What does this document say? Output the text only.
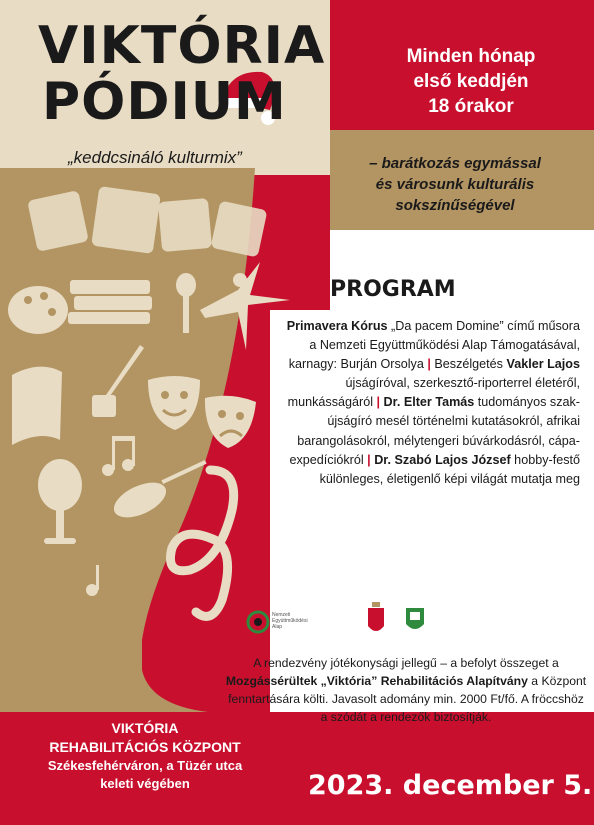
VIKTÓRIA
PÓDIUM
„keddcsináló kulturmix”
Minden hónap
első keddjén
18 órakor
– barátkozás egymással
és városunk kulturális
sokszínűségével
PROGRAM
Primavera Kórus „Da pacem Domine” című műsora a Nemzeti Együttműködési Alap Támogatásával, karnagy: Burján Orsolya | Beszélgetés Vakler Lajos újságíróval, szerkesztő-riporterrel életéről, munkásságáról | Dr. Elter Tamás tudományos szak-újságíró mesél történelmi kutatásokról, afrikai barangolásokról, mélytengeri búvárkodásról, cápa-expedíciókról | Dr. Szabó Lajos József hobby-festő különleges, életigenlő képi világát mutatja meg
Nemzeti
Együttműködési
Alap
A rendezvény jótékonysági jellegű – a befolyt összeget a Mozgássérültek „Viktória” Rehabilitációs Alapítvány a Központ fenntartására költi. Javasolt adomány min. 2000 Ft/fő. A fröccshöz a szódát a rendezők biztosítják.
VIKTÓRIA
REHABILITÁCIÓS KÖZPONT
Székesfehérváron, a Tüzér utca
keleti végében	2023. december 5.
